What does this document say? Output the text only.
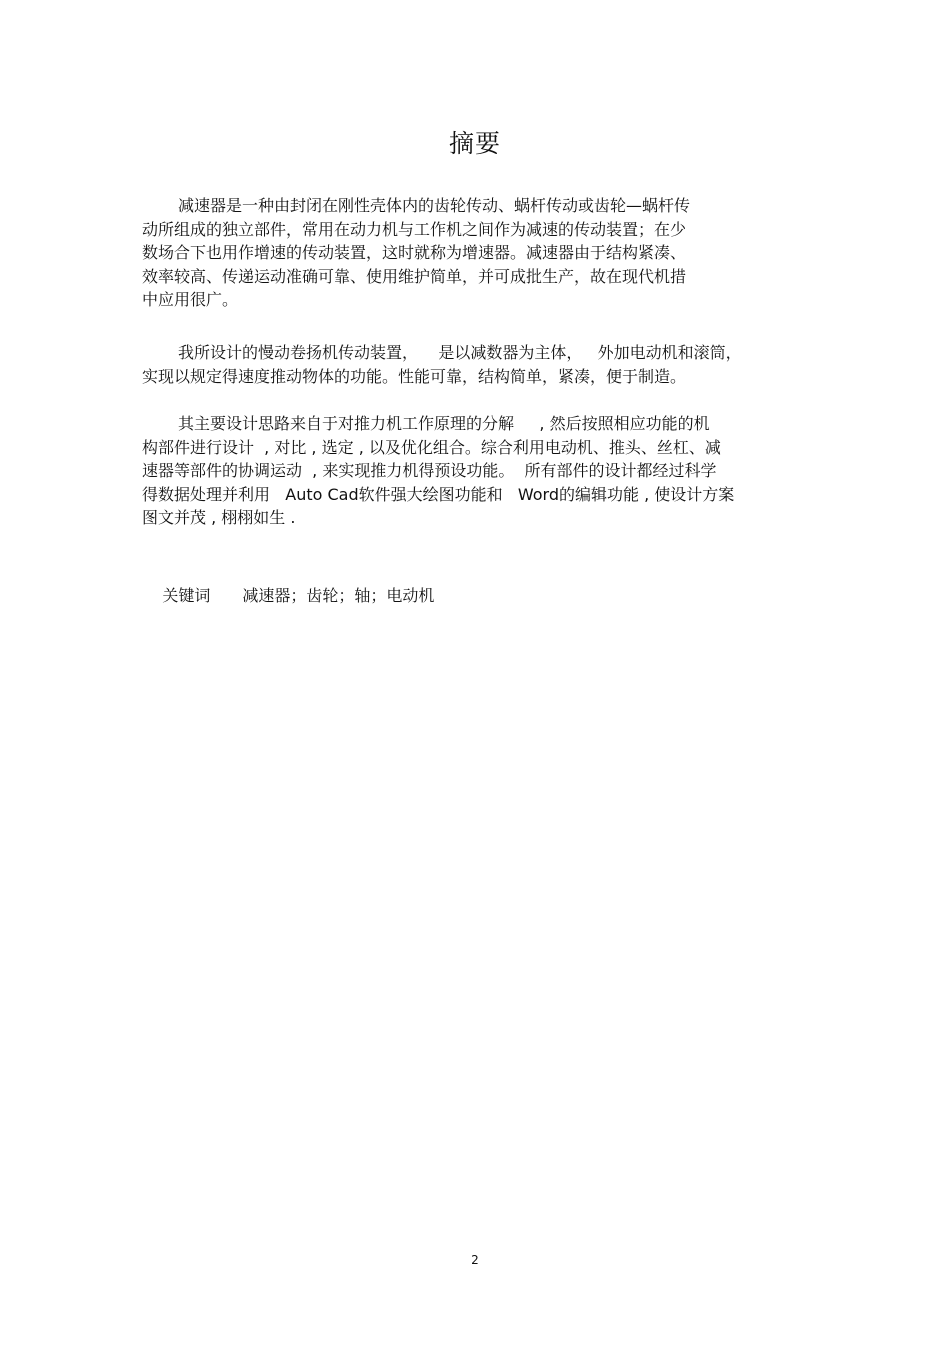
摘要
减速器是一种由封闭在刚性壳体内的齿轮传动、蜗杆传动或齿轮—蜗杆传
动所组成的独立部件，常用在动力机与工作机之间作为减速的传动装置；在少
数场合下也用作增速的传动装置，这时就称为增速器。减速器由于结构紧凑、
效率较高、传递运动准确可靠、使用维护简单，并可成批生产，故在现代机措
中应用很广。
我所设计的慢动卷扬机传动装置，    是以减数器为主体，   外加电动机和滚筒，
实现以规定得速度推动物体的功能。性能可靠，结构简单，紧凑，便于制造。
其主要设计思路来自于对推力机工作原理的分解     , 然后按照相应功能的机
构部件进行设计  , 对比 , 选定 , 以及优化组合。综合利用电动机、推头、丝杠、减
速器等部件的协调运动  , 来实现推力机得预设功能。  所有部件的设计都经过科学
得数据处理并利用   Auto Cad软件强大绘图功能和   Word的编辑功能 , 使设计方案
图文并茂 , 栩栩如生 .

关键词 减速器；齿轮；轴；电动机

2
